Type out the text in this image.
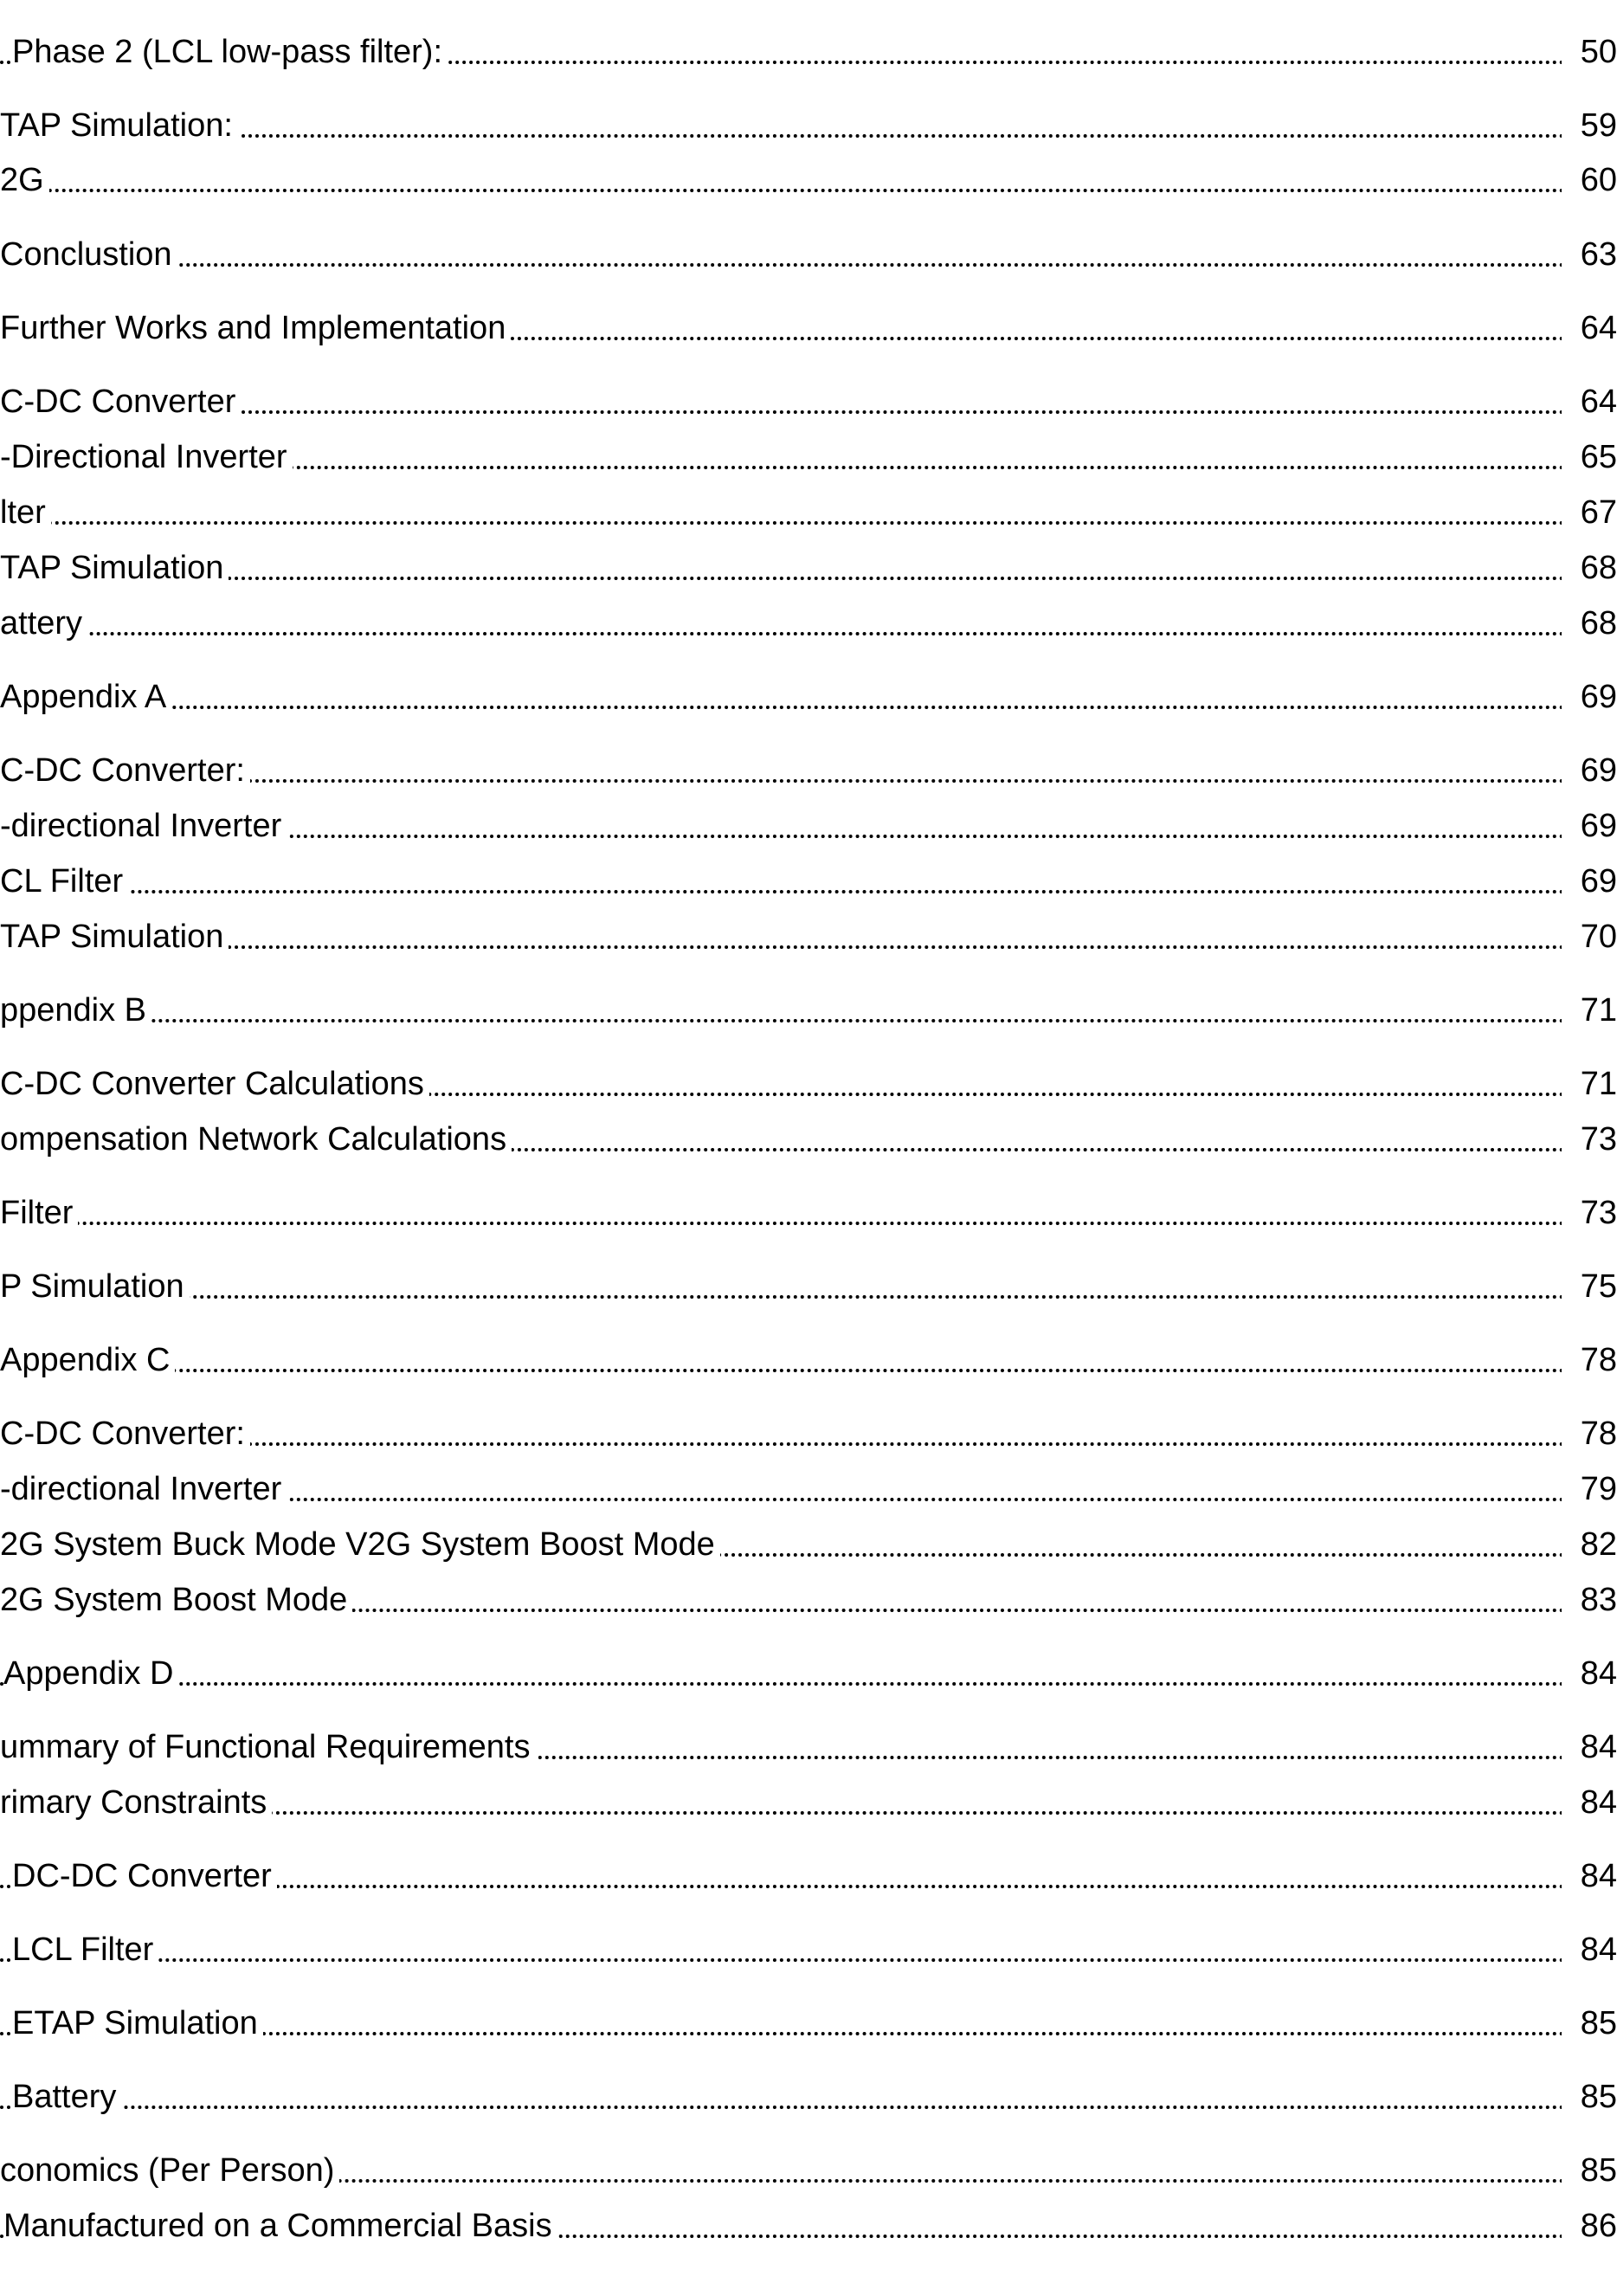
Phase 2 (LCL low-pass filter):	50
TAP Simulation:	59
2G	60
Conclustion	63
Further Works and Implementation	64
C-DC Converter	64
-Directional Inverter	65
lter	67
TAP Simulation	68
attery	68
Appendix A	69
C-DC Converter:	69
-directional Inverter	69
CL Filter	69
TAP Simulation	70
ppendix B	71
C-DC Converter Calculations	71
ompensation Network Calculations	73
Filter	73
P Simulation	75
Appendix C	78
C-DC Converter:	78
-directional Inverter	79
2G System Buck Mode V2G System Boost Mode	82
2G System Boost Mode	83
Appendix D	84
ummary of Functional Requirements	84
rimary Constraints	84
DC-DC Converter	84
LCL Filter	84
ETAP Simulation	85
Battery	85
conomics (Per Person)	85
Manufactured on a Commercial Basis	86
